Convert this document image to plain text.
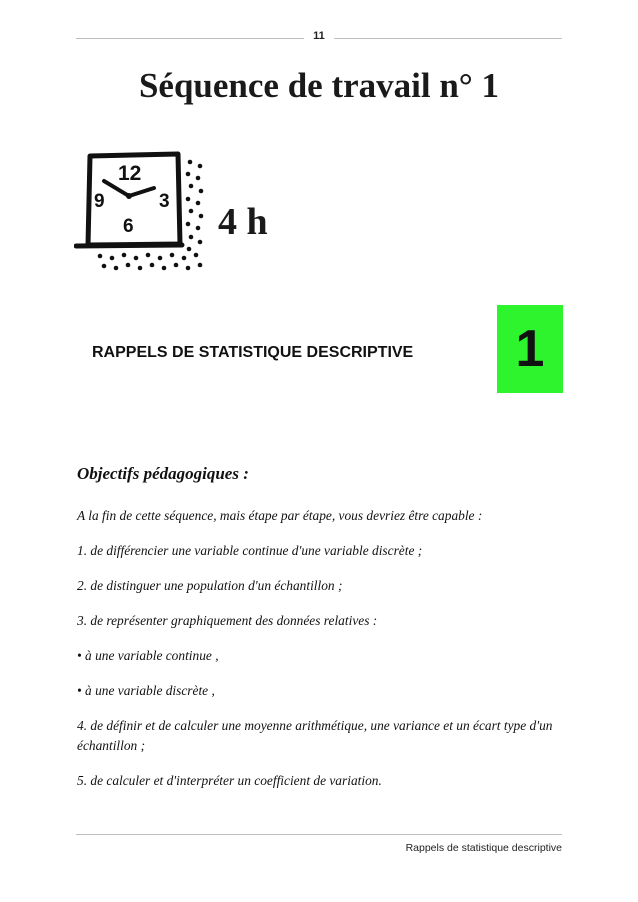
11
Séquence de travail n° 1
12
9	3
6 4 h
RAPPELS DE STATISTIQUE DESCRIPTIVE	1
Objectifs pédagogiques :
A la fin de cette séquence, mais étape par étape, vous devriez être capable :
1. de différencier une variable continue d'une variable discrète ;
2. de distinguer une population d'un échantillon ;
3. de représenter graphiquement des données relatives :
• à une variable continue ,
• à une variable discrète ,
4. de définir et de calculer une moyenne arithmétique, une variance et un écart type d'un échantillon ;
5. de calculer et d'interpréter un coefficient de variation.
Rappels de statistique descriptive
